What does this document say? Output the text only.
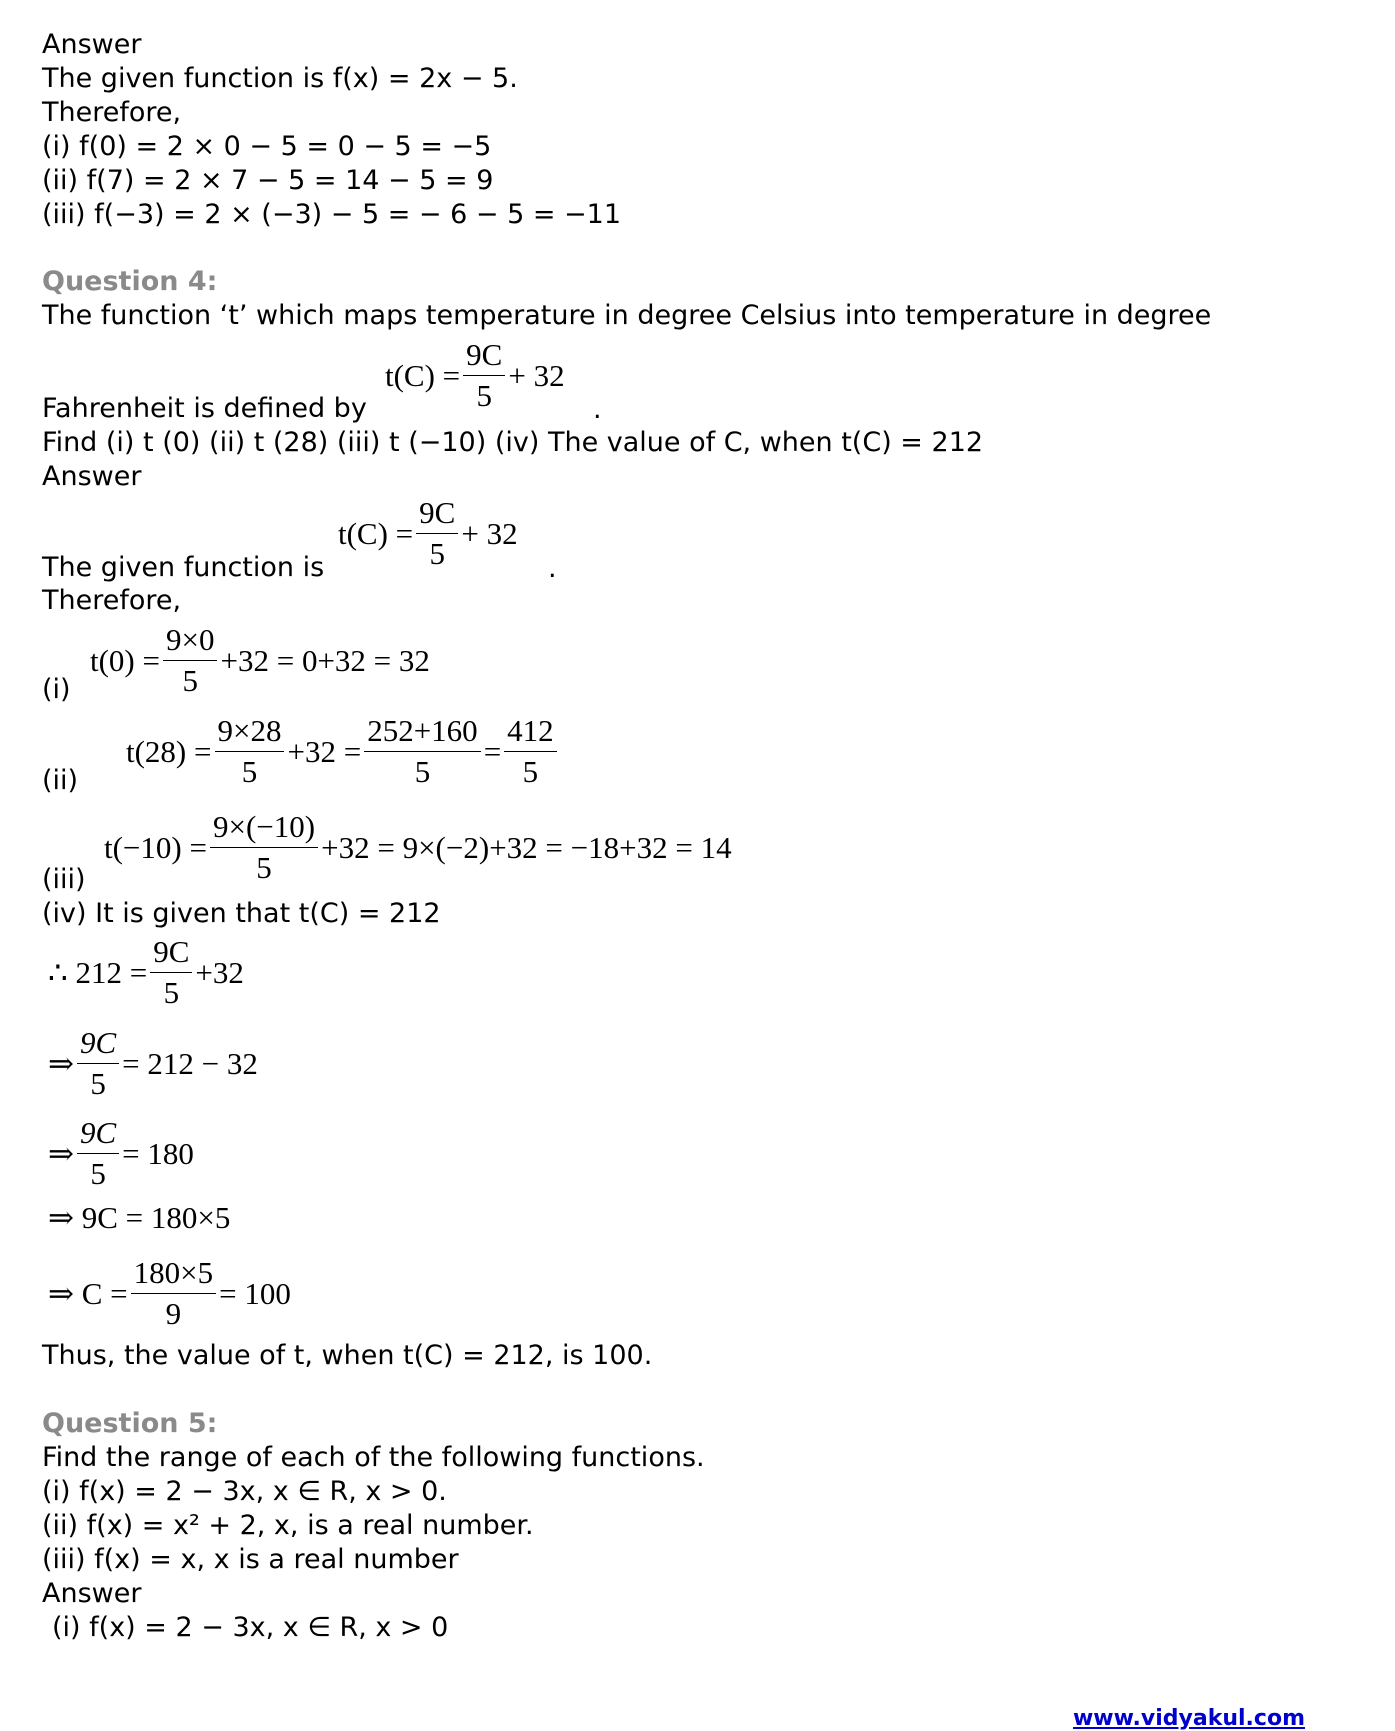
Answer
The given function is f(x) = 2x − 5.
Therefore,
(i) f(0) = 2 × 0 − 5 = 0 − 5 = −5
(ii) f(7) = 2 × 7 − 5 = 14 − 5 = 9
(iii) f(−3) = 2 × (−3) − 5 = − 6 − 5 = −11
Question 4:
The function ‘t’ which maps temperature in degree Celsius into temperature in degree
$t(C) = \frac{9C}{5} + 32$
Fahrenheit is defined by	.
Find (i) t (0) (ii) t (28) (iii) t (−10) (iv) The value of C, when t(C) = 212
Answer
$t(C) = \frac{9C}{5} + 32$
The given function is	.
Therefore,
$t(0) = \frac{9\times 0}{5} +32 = 0+32 = 32$
(i)
$t(28) = \frac{9\times 28}{5} +32 = \frac{252+160}{5} = \frac{412}{5}$
(ii)
$t(-10) = \frac{9\times(-10)}{5} +32 = 9\times(-2)+32 = -18+32 = 14$
(iii)
(iv) It is given that t(C) = 212
∴ $212 = \frac{9C}{5} +32$
⇒ $\frac{9C}{5} = 212 - 32$
⇒ $\frac{9C}{5} = 180$
⇒ 9C = 180×5
⇒ $C = \frac{180\times 5}{9} = 100$
Thus, the value of t, when t(C) = 212, is 100.
Question 5:
Find the range of each of the following functions.
(i) f(x) = 2 − 3x, x ∈ R, x > 0.
(ii) f(x) = x² + 2, x, is a real number.
(iii) f(x) = x, x is a real number
Answer
(i) f(x) = 2 − 3x, x ∈ R, x > 0
www.vidyakul.com
